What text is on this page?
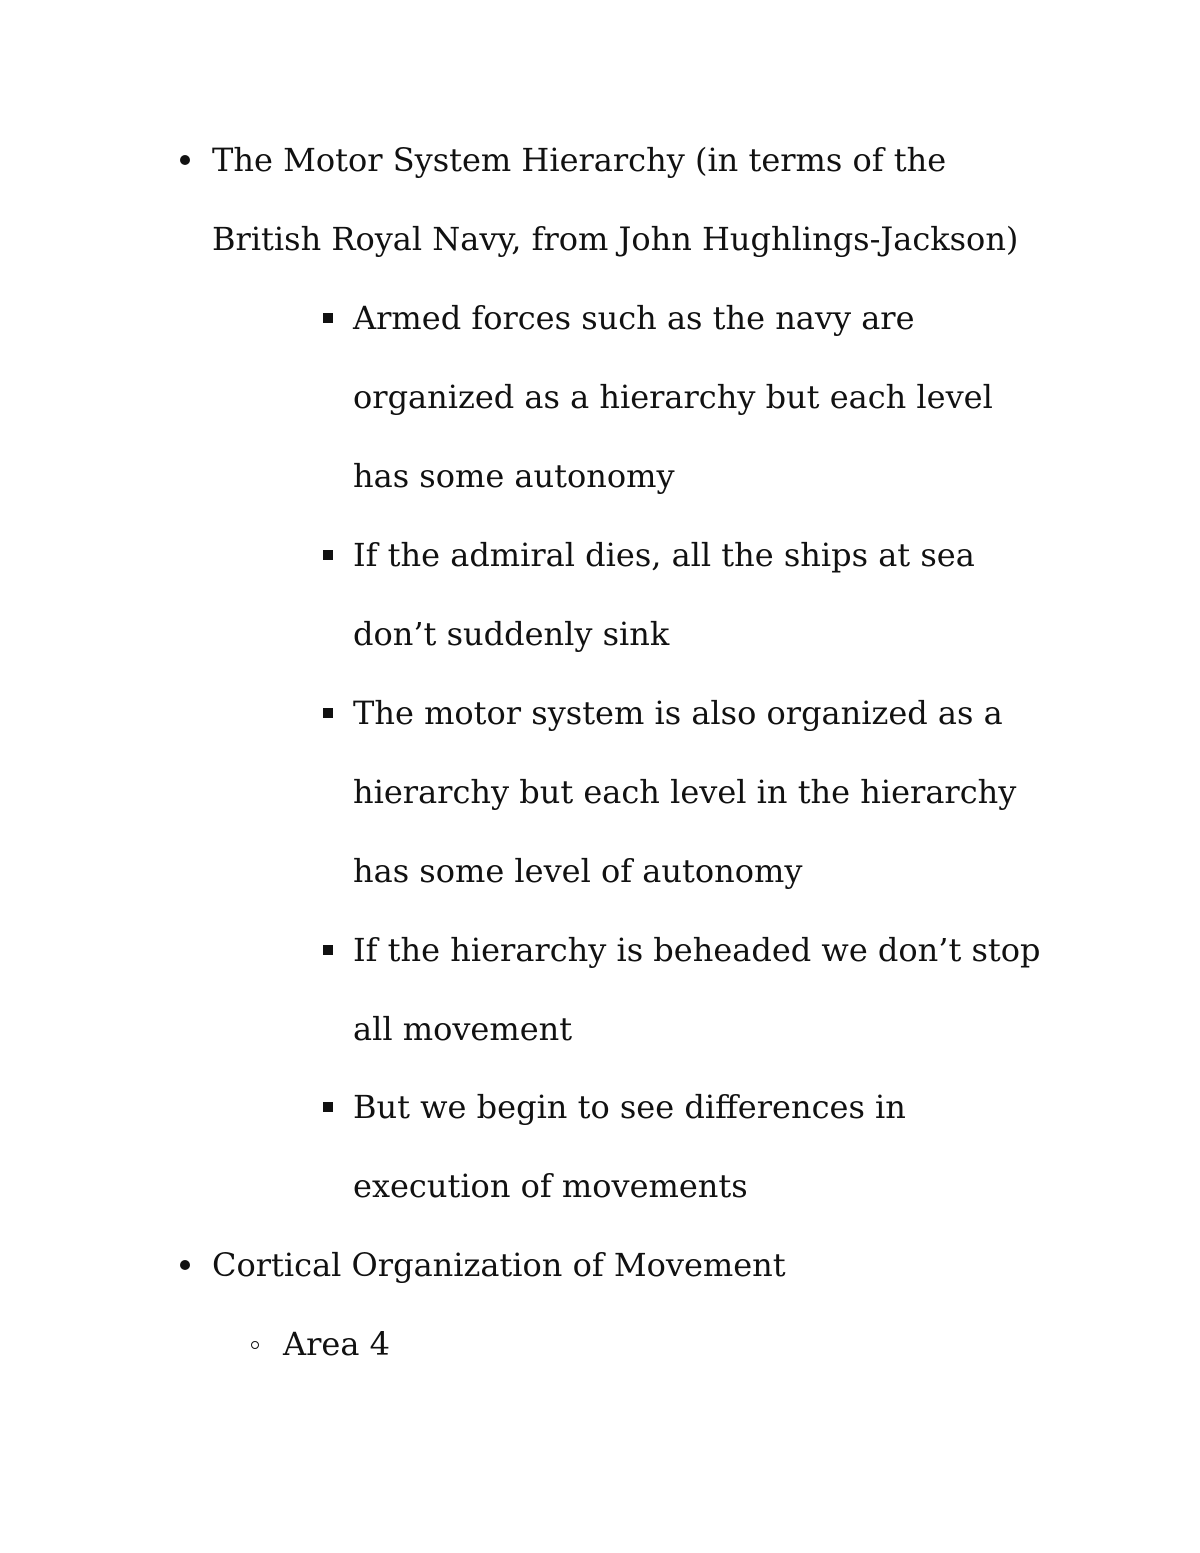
The Motor System Hierarchy (in terms of the British Royal Navy, from John Hughlings-Jackson)
Armed forces such as the navy are organized as a hierarchy but each level has some autonomy
If the admiral dies, all the ships at sea don’t suddenly sink
The motor system is also organized as a hierarchy but each level in the hierarchy has some level of autonomy
If the hierarchy is beheaded we don’t stop all movement
But we begin to see differences in execution of movements
Cortical Organization of Movement
Area 4
